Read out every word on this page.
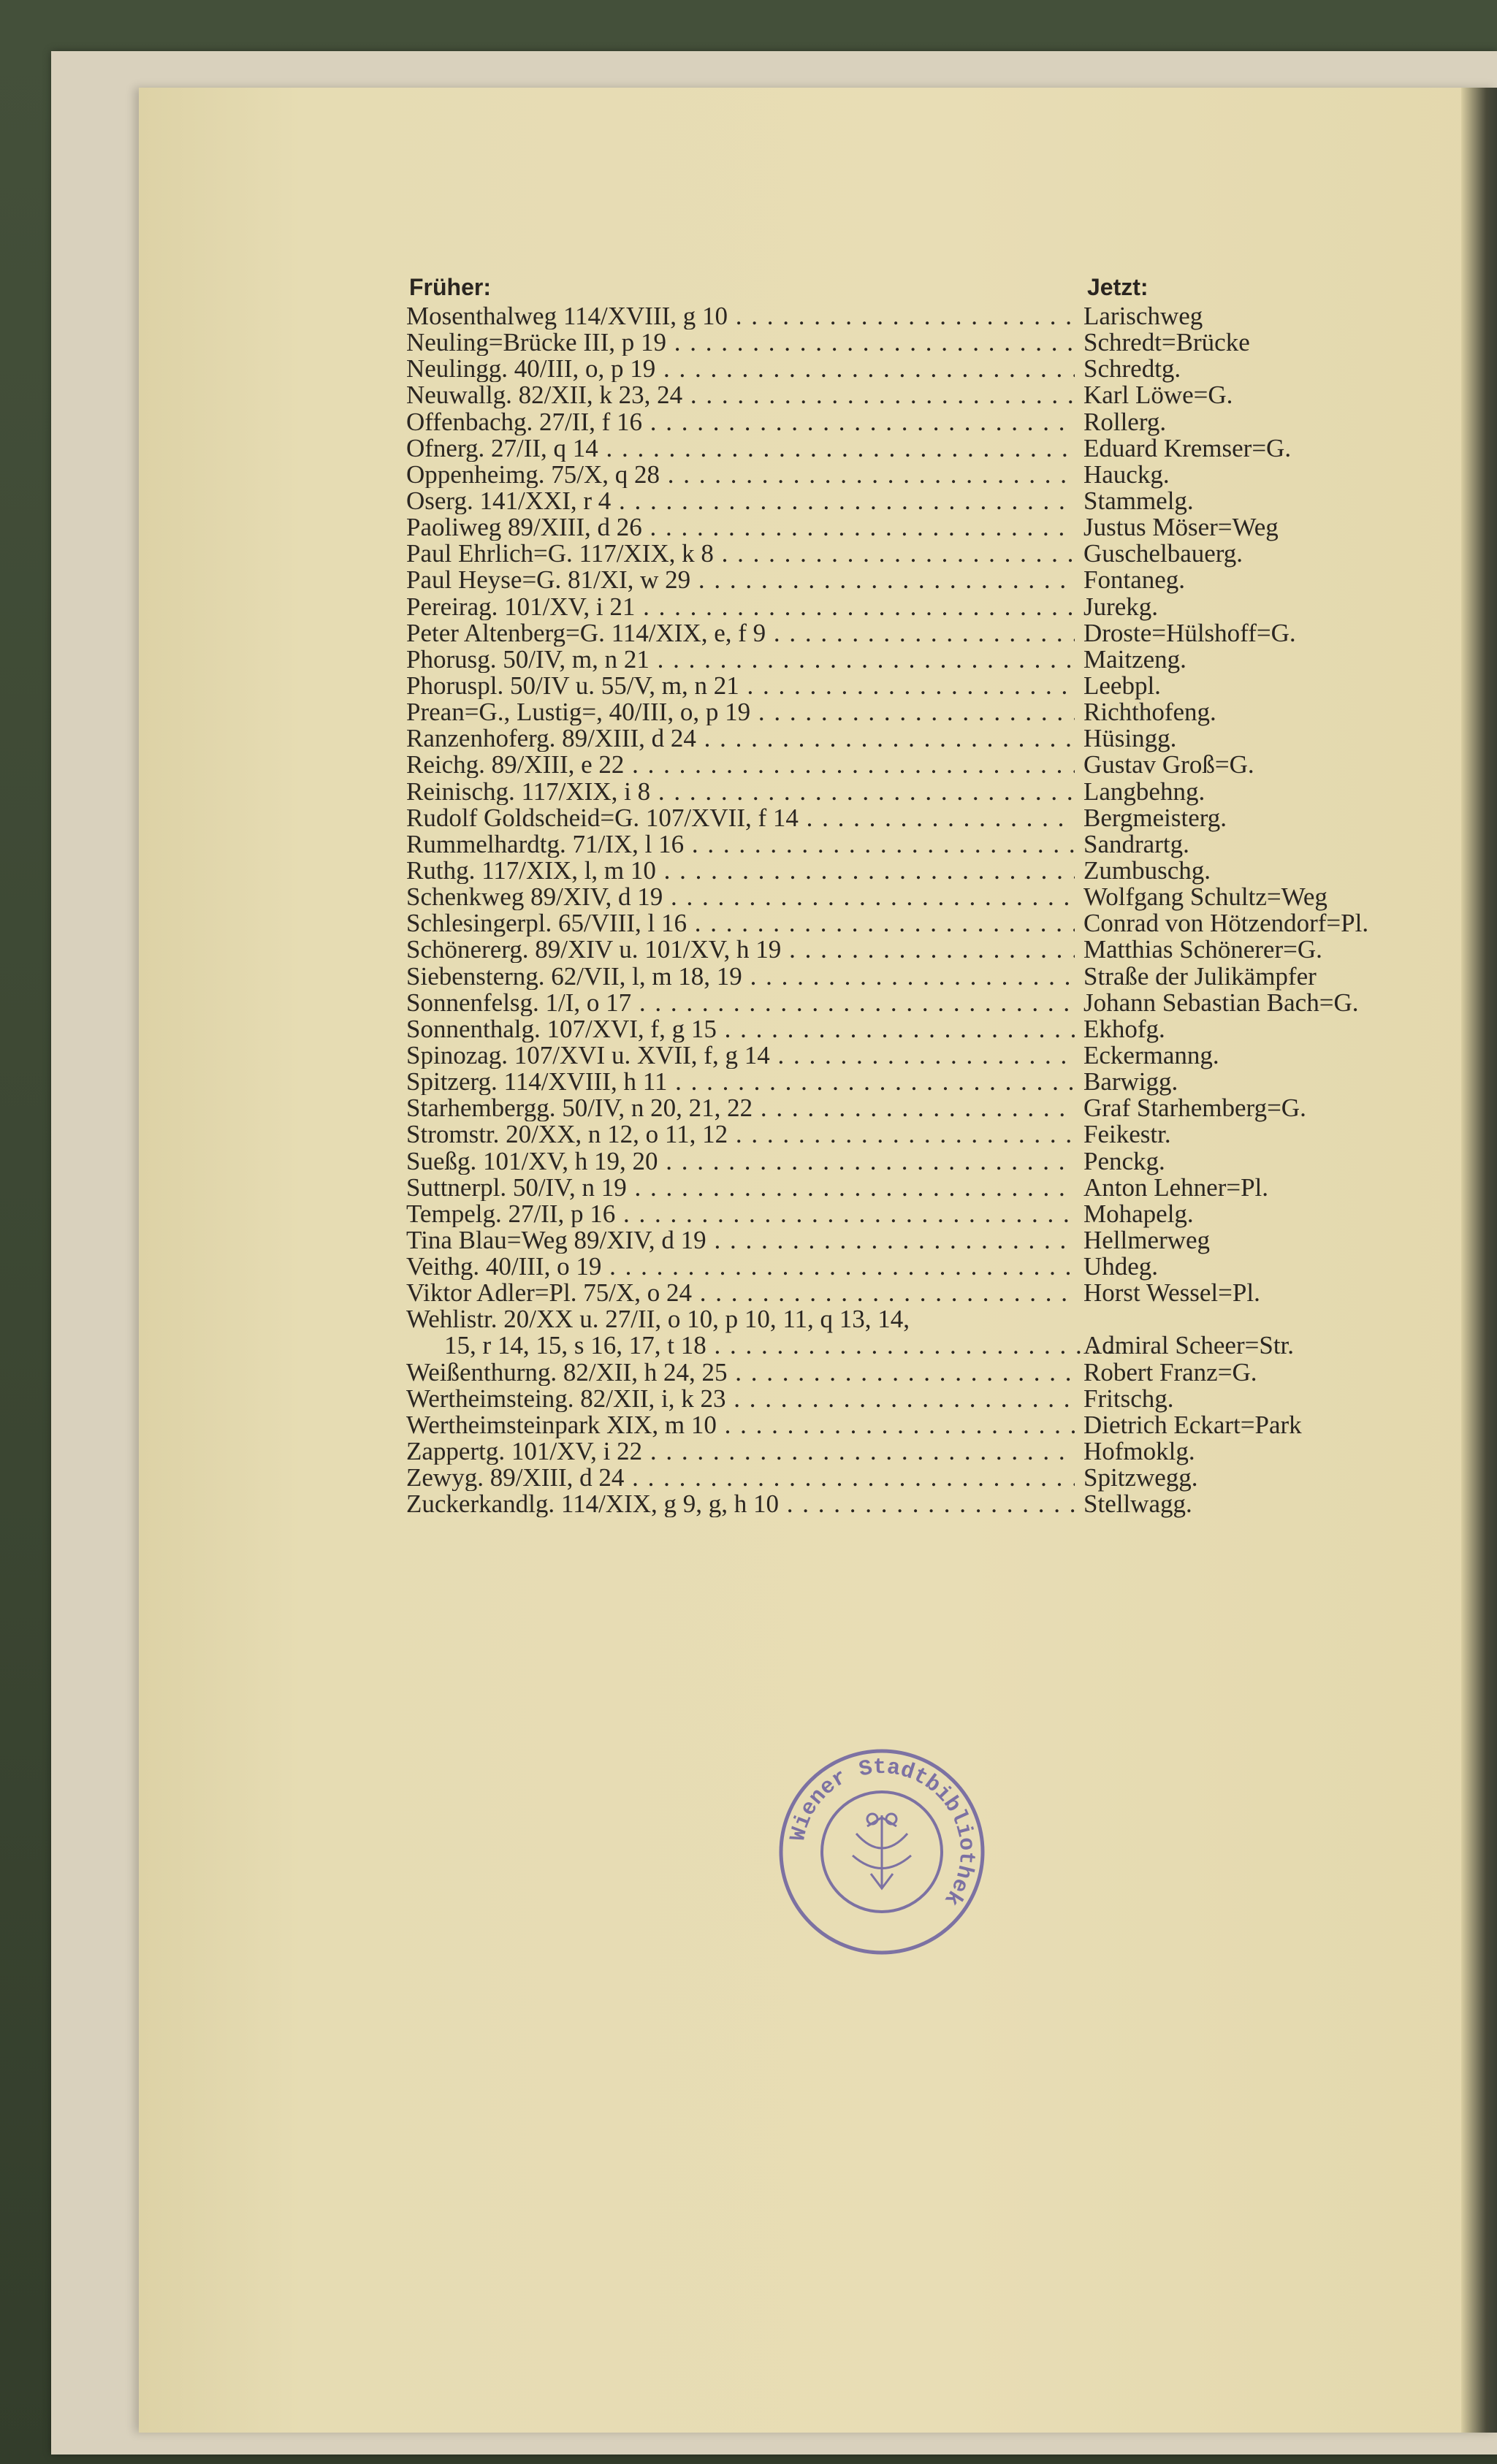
Früher:	Jetzt:
Mosenthalweg 114/XVIII, g 10 . . .	Larischweg
Neuling=Brücke III, p 19 . . .	Schredt=Brücke
Neulingg. 40/III, o, p 19 . . .	Schredtg.
Neuwallg. 82/XII, k 23, 24 . . .	Karl Löwe=G.
Offenbachg. 27/II, f 16 . . .	Rollerg.
Ofnerg. 27/II, q 14 . . .	Eduard Kremser=G.
Oppenheimg. 75/X, q 28 . . .	Hauckg.
Oserg. 141/XXI, r 4 . . .	Stammelg.
Paoliweg 89/XIII, d 26 . . .	Justus Möser=Weg
Paul Ehrlich=G. 117/XIX, k 8 . . .	Guschelbauerg.
Paul Heyse=G. 81/XI, w 29 . . .	Fontaneg.
Pereirag. 101/XV, i 21 . . .	Jurekg.
Peter Altenberg=G. 114/XIX, e, f 9 . . .	Droste=Hülshoff=G.
Phorusg. 50/IV, m, n 21 . . .	Maitzeng.
Phoruspl. 50/IV u. 55/V, m, n 21 . . .	Leebpl.
Prean=G., Lustig=, 40/III, o, p 19 . . .	Richthofeng.
Ranzenhoferg. 89/XIII, d 24 . . .	Hüsingg.
Reichg. 89/XIII, e 22 . . .	Gustav Groß=G.
Reinischg. 117/XIX, i 8 . . .	Langbehng.
Rudolf Goldscheid=G. 107/XVII, f 14 . . .	Bergmeisterg.
Rummelhardtg. 71/IX, l 16 . . .	Sandrartg.
Ruthg. 117/XIX, l, m 10 . . .	Zumbuschg.
Schenkweg 89/XIV, d 19 . . .	Wolfgang Schultz=Weg
Schlesingerpl. 65/VIII, l 16 . . .	Conrad von Hötzendorf=Pl.
Schönererg. 89/XIV u. 101/XV, h 19 . . .	Matthias Schönerer=G.
Siebensterng. 62/VII, l, m 18, 19 . . .	Straße der Julikämpfer
Sonnenfelsg. 1/I, o 17 . . .	Johann Sebastian Bach=G.
Sonnenthalg. 107/XVI, f, g 15 . . .	Ekhofg.
Spinozag. 107/XVI u. XVII, f, g 14 . . .	Eckermanng.
Spitzerg. 114/XVIII, h 11 . . .	Barwigg.
Starhembergg. 50/IV, n 20, 21, 22 . . .	Graf Starhemberg=G.
Stromstr. 20/XX, n 12, o 11, 12 . . .	Feikestr.
Sueßg. 101/XV, h 19, 20 . . .	Penckg.
Suttnerpl. 50/IV, n 19 . . .	Anton Lehner=Pl.
Tempelg. 27/II, p 16 . . .	Mohapelg.
Tina Blau=Weg 89/XIV, d 19 . . .	Hellmerweg
Veithg. 40/III, o 19 . . .	Uhdeg.
Viktor Adler=Pl. 75/X, o 24 . . .	Horst Wessel=Pl.
Wehlistr. 20/XX u. 27/II, o 10, p 10, 11, q 13, 14,
15, r 14, 15, s 16, 17, t 18 . . .	Admiral Scheer=Str.
Weißenthurng. 82/XII, h 24, 25 . . .	Robert Franz=G.
Wertheimsteing. 82/XII, i, k 23 . . .	Fritschg.
Wertheimsteinpark XIX, m 10 . . .	Dietrich Eckart=Park
Zappertg. 101/XV, i 22 . . .	Hofmoklg.
Zewyg. 89/XIII, d 24 . . .	Spitzwegg.
Zuckerkandlg. 114/XIX, g 9, g, h 10 . . .	Stellwagg.
Wiener Stadtbibliothek
